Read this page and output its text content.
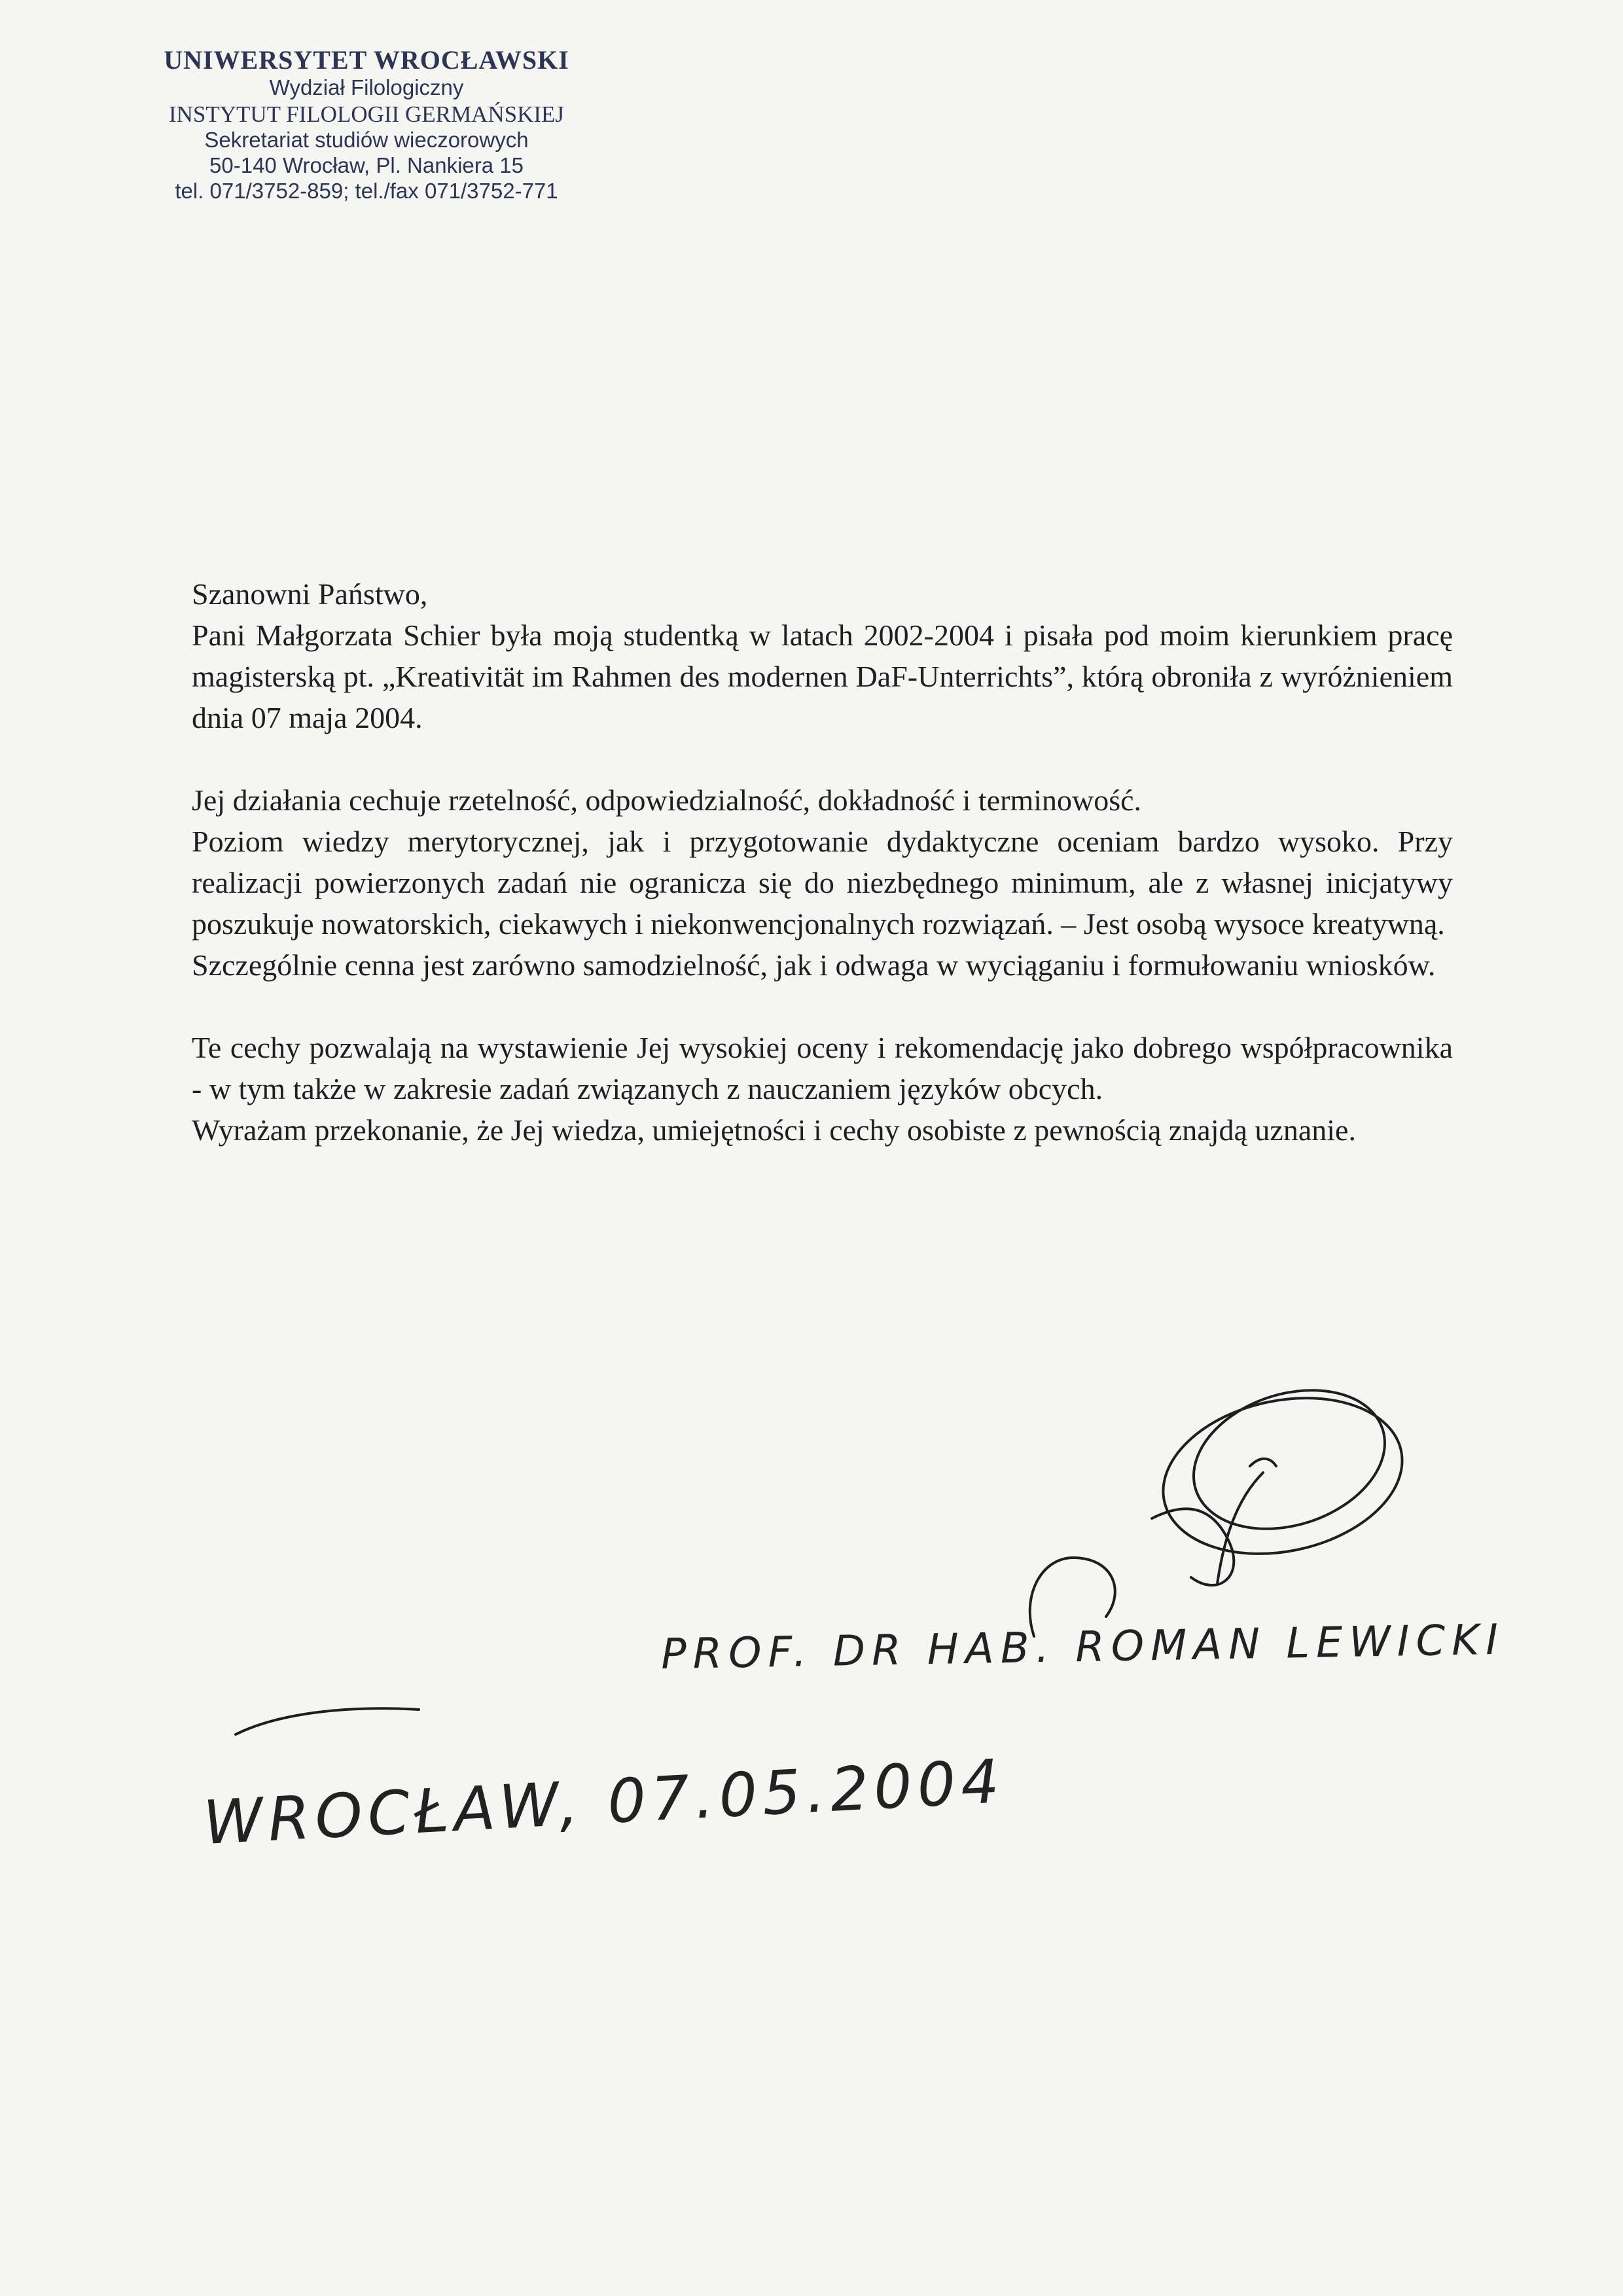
UNIWERSYTET WROCŁAWSKI
Wydział Filologiczny
INSTYTUT FILOLOGII GERMAŃSKIEJ
Sekretariat studiów wieczorowych
50-140 Wrocław, Pl. Nankiera 15
tel. 071/3752-859; tel./fax 071/3752-771

Szanowni Państwo,

Pani Małgorzata Schier była moją studentką w latach 2002-2004 i pisała pod moim kierunkiem pracę magisterską pt. „Kreativität im Rahmen des modernen DaF-Unterrichts”, którą obroniła z wyróżnieniem dnia 07 maja 2004.

Jej działania cechuje rzetelność, odpowiedzialność, dokładność i terminowość.

Poziom wiedzy merytorycznej, jak i przygotowanie dydaktyczne oceniam bardzo wysoko. Przy realizacji powierzonych zadań nie ogranicza się do niezbędnego minimum, ale z własnej inicjatywy poszukuje nowatorskich, ciekawych i niekonwencjonalnych rozwiązań. – Jest osobą wysoce kreatywną.

Szczególnie cenna jest zarówno samodzielność, jak i odwaga w wyciąganiu i formułowaniu wniosków.

Te cechy pozwalają na wystawienie Jej wysokiej oceny i rekomendację jako dobrego współpracownika - w tym także w zakresie zadań związanych z nauczaniem języków obcych.

Wyrażam przekonanie, że Jej wiedza, umiejętności i cechy osobiste z pewnością znajdą uznanie.

PROF. DR HAB. ROMAN LEWICKI
WROCŁAW, 07.05.2004
